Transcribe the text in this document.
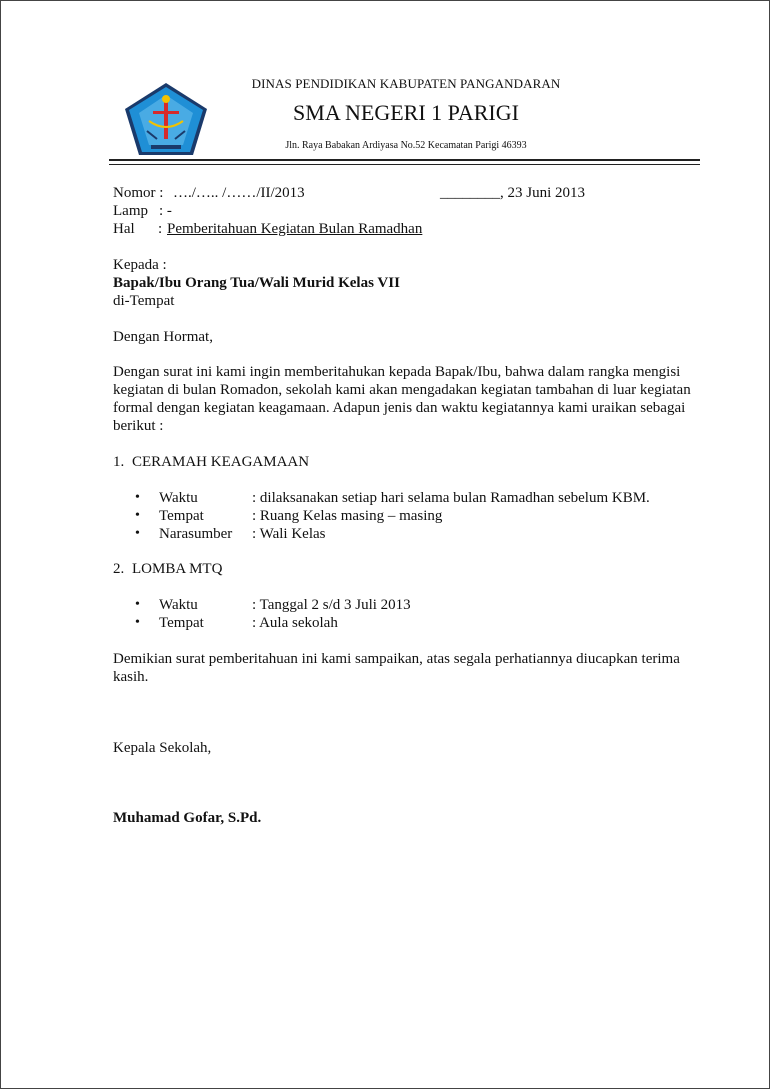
DINAS PENDIDIKAN KABUPATEN PANGANDARAN
SMA NEGERI 1 PARIGI
Jln. Raya Babakan Ardiyasa No.52 Kecamatan Parigi 46393
Nomor : …./….. /……/II/2013	________, 23 Juni 2013
Lamp : -
Hal : Pemberitahuan Kegiatan Bulan Ramadhan
Kepada :
Bapak/Ibu Orang Tua/Wali Murid Kelas VII
di-Tempat
Dengan Hormat,
Dengan surat ini kami ingin memberitahukan kepada Bapak/Ibu, bahwa dalam rangka mengisi kegiatan di bulan Romadon, sekolah kami akan mengadakan kegiatan tambahan di luar kegiatan formal dengan kegiatan keagamaan. Adapun jenis dan waktu kegiatannya kami uraikan sebagai berikut :
1. CERAMAH KEAGAMAAN
• Waktu	: dilaksanakan setiap hari selama bulan Ramadhan sebelum KBM.
• Tempat	: Ruang Kelas masing – masing
• Narasumber : Wali Kelas
2. LOMBA MTQ
• Waktu	: Tanggal 2 s/d 3 Juli 2013
• Tempat	: Aula sekolah
Demikian surat pemberitahuan ini kami sampaikan, atas segala perhatiannya diucapkan terima kasih.
Kepala Sekolah,
Muhamad Gofar, S.Pd.
